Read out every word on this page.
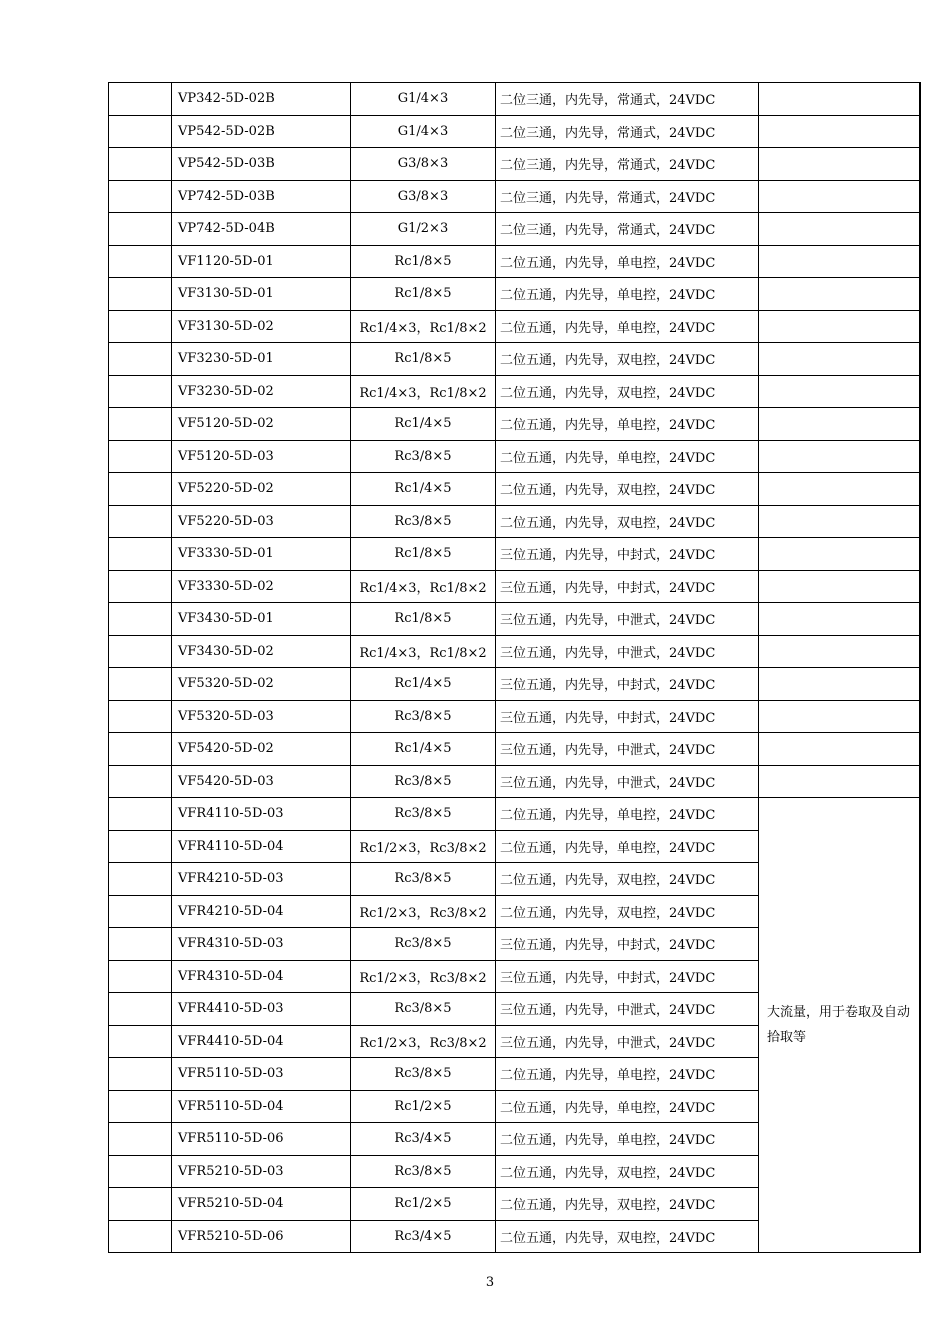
	VP342-5D-02B	G1/4×3	二位三通，内先导，常通式，24VDC	
	VP542-5D-02B	G1/4×3	二位三通，内先导，常通式，24VDC	
	VP542-5D-03B	G3/8×3	二位三通，内先导，常通式，24VDC	
	VP742-5D-03B	G3/8×3	二位三通，内先导，常通式，24VDC	
	VP742-5D-04B	G1/2×3	二位三通，内先导，常通式，24VDC	
	VF1120-5D-01	Rc1/8×5	二位五通，内先导，单电控，24VDC	
	VF3130-5D-01	Rc1/8×5	二位五通，内先导，单电控，24VDC	
	VF3130-5D-02	Rc1/4×3，Rc1/8×2	二位五通，内先导，单电控，24VDC	
	VF3230-5D-01	Rc1/8×5	二位五通，内先导，双电控，24VDC	
	VF3230-5D-02	Rc1/4×3，Rc1/8×2	二位五通，内先导，双电控，24VDC	
	VF5120-5D-02	Rc1/4×5	二位五通，内先导，单电控，24VDC	
	VF5120-5D-03	Rc3/8×5	二位五通，内先导，单电控，24VDC	
	VF5220-5D-02	Rc1/4×5	二位五通，内先导，双电控，24VDC	
	VF5220-5D-03	Rc3/8×5	二位五通，内先导，双电控，24VDC	
	VF3330-5D-01	Rc1/8×5	三位五通，内先导，中封式，24VDC	
	VF3330-5D-02	Rc1/4×3，Rc1/8×2	三位五通，内先导，中封式，24VDC	
	VF3430-5D-01	Rc1/8×5	三位五通，内先导，中泄式，24VDC	
	VF3430-5D-02	Rc1/4×3，Rc1/8×2	三位五通，内先导，中泄式，24VDC	
	VF5320-5D-02	Rc1/4×5	三位五通，内先导，中封式，24VDC	
	VF5320-5D-03	Rc3/8×5	三位五通，内先导，中封式，24VDC	
	VF5420-5D-02	Rc1/4×5	三位五通，内先导，中泄式，24VDC	
	VF5420-5D-03	Rc3/8×5	三位五通，内先导，中泄式，24VDC	
	VFR4110-5D-03	Rc3/8×5	二位五通，内先导，单电控，24VDC	大流量，用于卷取及自动拾取等
	VFR4110-5D-04	Rc1/2×3，Rc3/8×2	二位五通，内先导，单电控，24VDC	
	VFR4210-5D-03	Rc3/8×5	二位五通，内先导，双电控，24VDC	
	VFR4210-5D-04	Rc1/2×3，Rc3/8×2	二位五通，内先导，双电控，24VDC	
	VFR4310-5D-03	Rc3/8×5	三位五通，内先导，中封式，24VDC	
	VFR4310-5D-04	Rc1/2×3，Rc3/8×2	三位五通，内先导，中封式，24VDC	
	VFR4410-5D-03	Rc3/8×5	三位五通，内先导，中泄式，24VDC	
	VFR4410-5D-04	Rc1/2×3，Rc3/8×2	三位五通，内先导，中泄式，24VDC	
	VFR5110-5D-03	Rc3/8×5	二位五通，内先导，单电控，24VDC	
	VFR5110-5D-04	Rc1/2×5	二位五通，内先导，单电控，24VDC	
	VFR5110-5D-06	Rc3/4×5	二位五通，内先导，单电控，24VDC	
	VFR5210-5D-03	Rc3/8×5	二位五通，内先导，双电控，24VDC	
	VFR5210-5D-04	Rc1/2×5	二位五通，内先导，双电控，24VDC	
	VFR5210-5D-06	Rc3/4×5	二位五通，内先导，双电控，24VDC	
3
